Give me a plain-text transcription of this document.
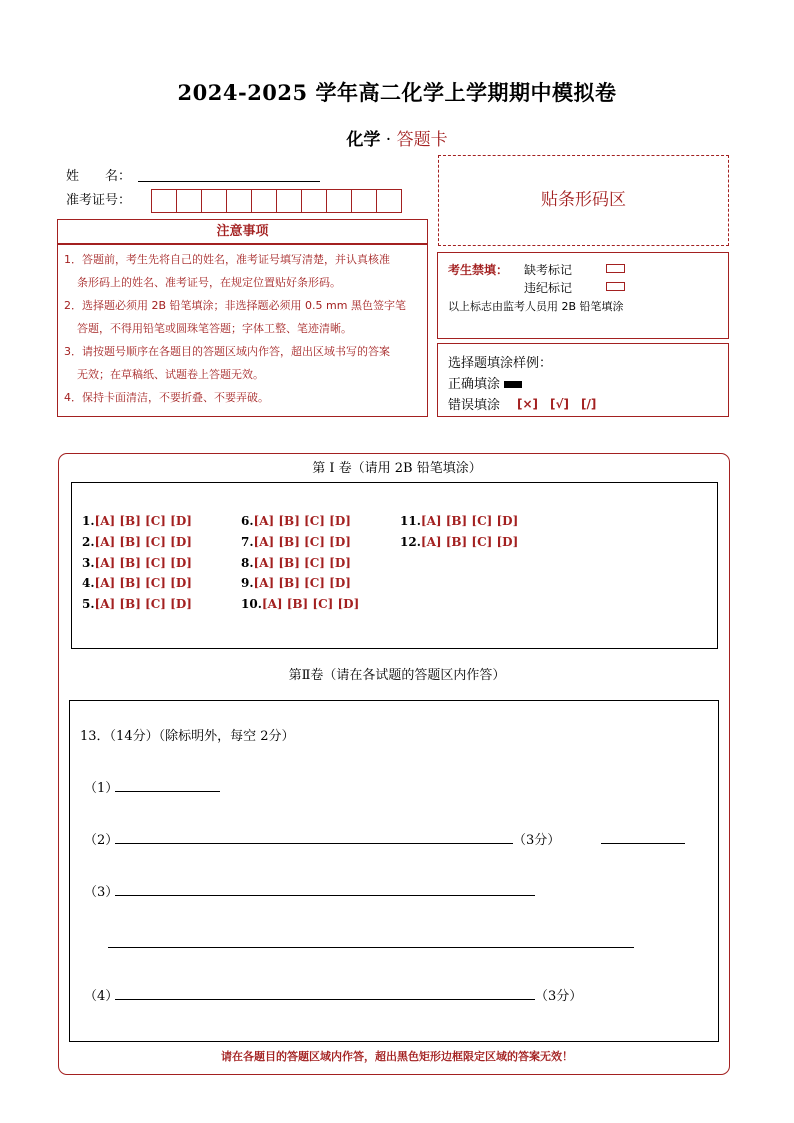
2024-2025 学年高二化学上学期期中模拟卷
化学 · 答题卡
姓　　名：
准考证号：	贴条形码区
注意事项
1．答题前，考生先将自己的姓名，准考证号填写清楚，并认真核准
条形码上的姓名、准考证号，在规定位置贴好条形码。
2．选择题必须用 2B 铅笔填涂；非选择题必须用 0.5 mm 黑色签字笔
答题，不得用铅笔或圆珠笔答题；字体工整、笔迹清晰。
3．请按题号顺序在各题目的答题区域内作答，超出区域书写的答案
无效；在草稿纸、试题卷上答题无效。
4．保持卡面清洁，不要折叠、不要弄破。
考生禁填： 缺考标记
违纪标记
以上标志由监考人员用 2B 铅笔填涂
选择题填涂样例：
正确填涂
错误填涂 [×]　[√]　[/]
第 I 卷（请用 2B 铅笔填涂）
1.[A] [B] [C] [D]
2.[A] [B] [C] [D]
3.[A] [B] [C] [D]
4.[A] [B] [C] [D]
5.[A] [B] [C] [D]
6.[A] [B] [C] [D]
7.[A] [B] [C] [D]
8.[A] [B] [C] [D]
9.[A] [B] [C] [D]
10.[A] [B] [C] [D]
11.[A] [B] [C] [D]
12.[A] [B] [C] [D]
第Ⅱ卷（请在各试题的答题区内作答）
13．（14分）（除标明外，每空 2分）
（1）
（2）	（3分）
（3）
（4）	（3分）
请在各题目的答题区域内作答，超出黑色矩形边框限定区域的答案无效！
